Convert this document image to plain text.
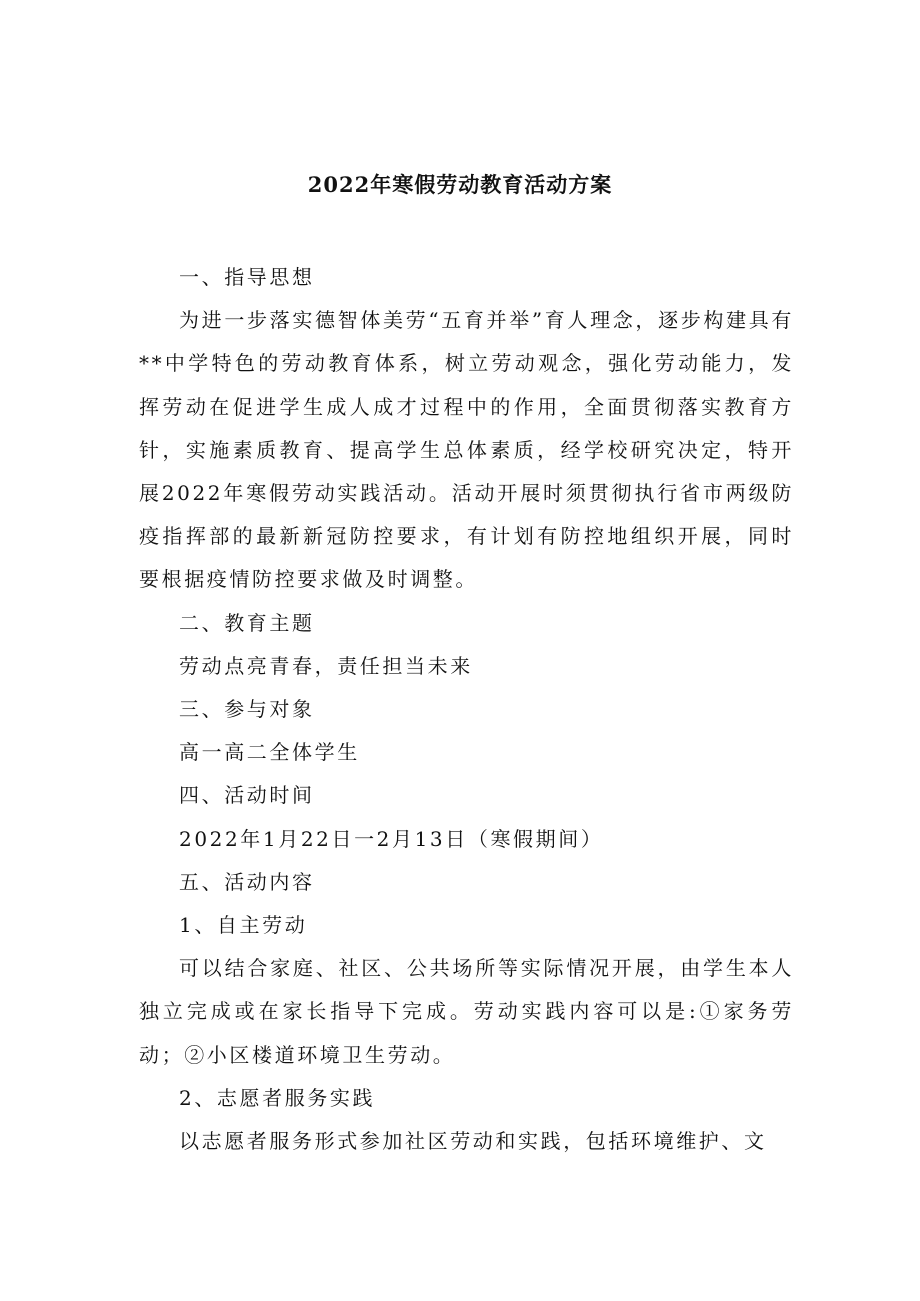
2022年寒假劳动教育活动方案

一、指导思想

为进一步落实德智体美劳“五育并举”育人理念，逐步构建具有**中学特色的劳动教育体系，树立劳动观念，强化劳动能力，发挥劳动在促进学生成人成才过程中的作用，全面贯彻落实教育方针，实施素质教育、提高学生总体素质，经学校研究决定，特开展2022年寒假劳动实践活动。活动开展时须贯彻执行省市两级防疫指挥部的最新新冠防控要求，有计划有防控地组织开展，同时要根据疫情防控要求做及时调整。

二、教育主题

劳动点亮青春，责任担当未来

三、参与对象

高一高二全体学生

四、活动时间

2022年1月22日一2月13日（寒假期间）

五、活动内容

1、自主劳动

可以结合家庭、社区、公共场所等实际情况开展，由学生本人独立完成或在家长指导下完成。劳动实践内容可以是:①家务劳动；②小区楼道环境卫生劳动。

2、志愿者服务实践

以志愿者服务形式参加社区劳动和实践，包括环境维护、文
